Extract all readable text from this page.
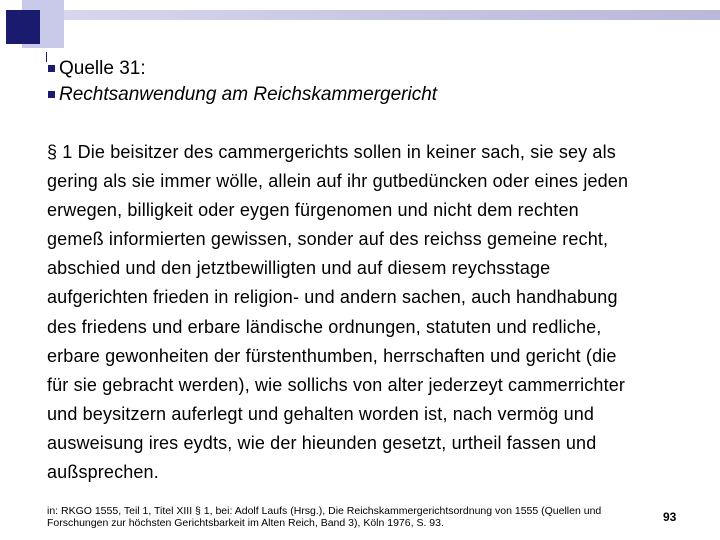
Quelle 31:
Rechtsanwendung am Reichskammergericht
§ 1 Die beisitzer des cammergerichts sollen in keiner sach, sie sey als
gering als sie immer wölle, allein auf ihr gutbedüncken oder eines jeden
erwegen, billigkeit oder eygen fürgenomen und nicht dem rechten
gemeß informierten gewissen, sonder auf des reichss gemeine recht,
abschied und den jetztbewilligten und auf diesem reychsstage
aufgerichten frieden in religion- und andern sachen, auch handhabung
des friedens und erbare ländische ordnungen, statuten und redliche,
erbare gewonheiten der fürstenthumben, herrschaften und gericht (die
für sie gebracht werden), wie sollichs von alter jederzeyt cammerrichter
und beysitzern auferlegt und gehalten worden ist, nach vermög und
ausweisung ires eydts, wie der hieunden gesetzt, urtheil fassen und
außsprechen.
in: RKGO 1555, Teil 1, Titel XIII § 1, bei: Adolf Laufs (Hrsg.), Die Reichskammergerichtsordnung von 1555 (Quellen und
Forschungen zur höchsten Gerichtsbarkeit im Alten Reich, Band 3), Köln 1976, S. 93.	93
